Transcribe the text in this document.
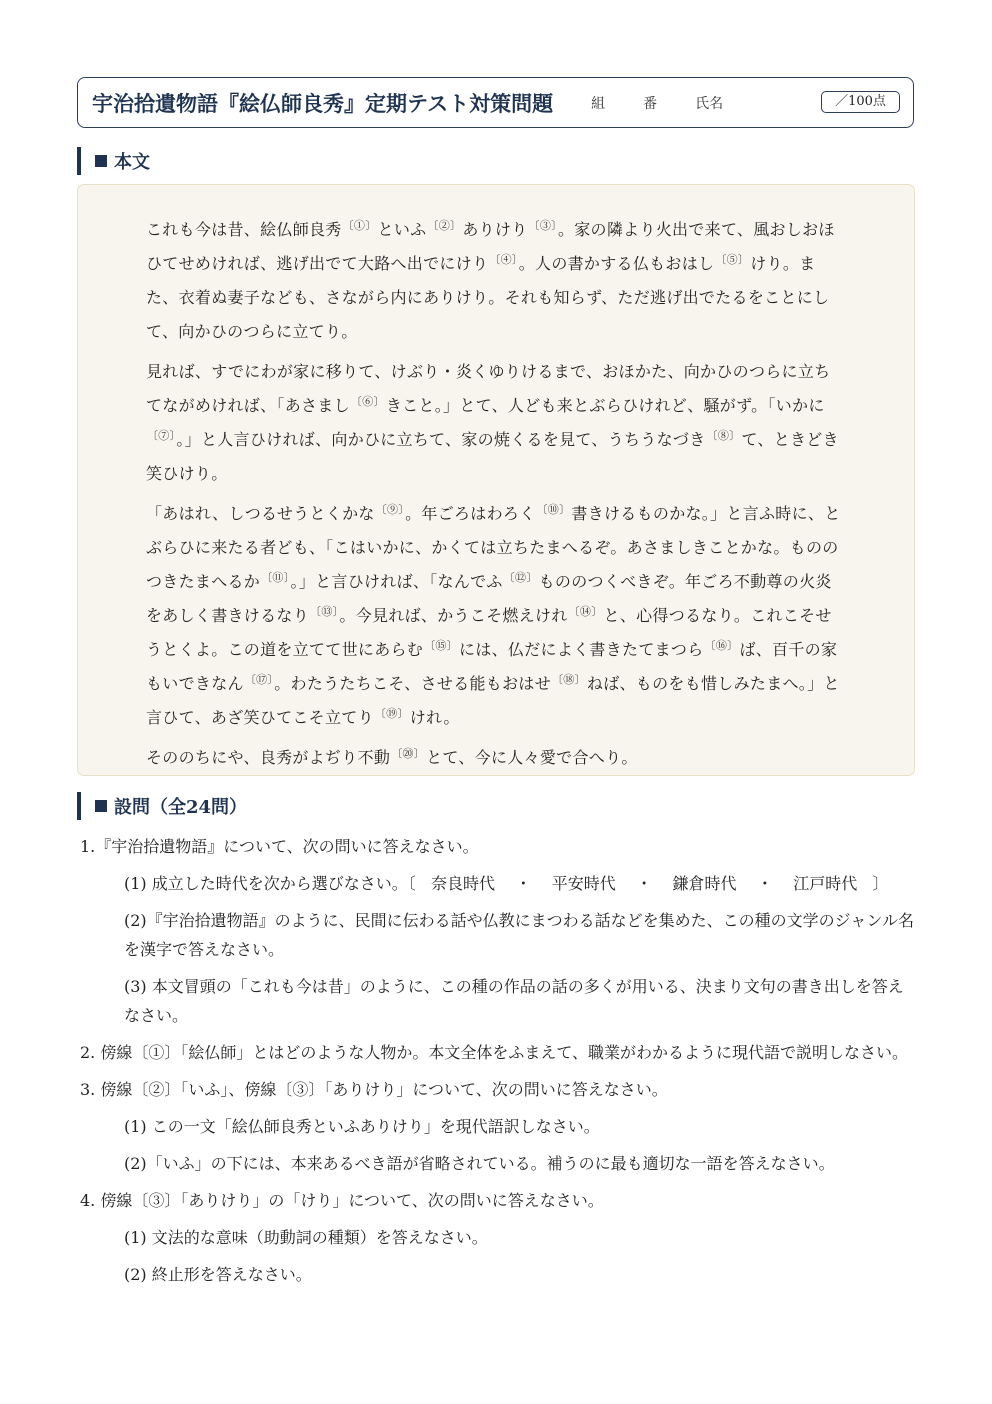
宇治拾遺物語『絵仏師良秀』定期テスト対策問題	組	番	氏名	／100点
本文

これも今は昔、絵仏師良秀〔①〕といふ〔②〕ありけり〔③〕。家の隣より火出で来て、風おしおほひてせめければ、逃げ出でて大路へ出でにけり〔④〕。人の書かする仏もおはし〔⑤〕けり。また、衣着ぬ妻子なども、さながら内にありけり。それも知らず、ただ逃げ出でたるをことにして、向かひのつらに立てり。

見れば、すでにわが家に移りて、けぶり・炎くゆりけるまで、おほかた、向かひのつらに立ちてながめければ、「あさまし〔⑥〕きこと。」とて、人ども来とぶらひけれど、騒がず。「いかに〔⑦〕。」と人言ひければ、向かひに立ちて、家の焼くるを見て、うちうなづき〔⑧〕て、ときどき笑ひけり。

「あはれ、しつるせうとくかな〔⑨〕。年ごろはわろく〔⑩〕書きけるものかな。」と言ふ時に、とぶらひに来たる者ども、「こはいかに、かくては立ちたまへるぞ。あさましきことかな。もののつきたまへるか〔⑪〕。」と言ひければ、「なんでふ〔⑫〕もののつくべきぞ。年ごろ不動尊の火炎をあしく書きけるなり〔⑬〕。今見れば、かうこそ燃えけれ〔⑭〕と、心得つるなり。これこそせうとくよ。この道を立てて世にあらむ〔⑮〕には、仏だによく書きたてまつら〔⑯〕ば、百千の家もいできなん〔⑰〕。わたうたちこそ、させる能もおはせ〔⑱〕ねば、ものをも惜しみたまへ。」と言ひて、あざ笑ひてこそ立てり〔⑲〕けれ。

そののちにや、良秀がよぢり不動〔⑳〕とて、今に人々愛で合へり。

設問（全24問）

1.『宇治拾遺物語』について、次の問いに答えなさい。

(1) 成立した時代を次から選びなさい。〔 奈良時代 ・ 平安時代 ・ 鎌倉時代 ・ 江戸時代 〕

(2)『宇治拾遺物語』のように、民間に伝わる話や仏教にまつわる話などを集めた、この種の文学のジャンル名を漢字で答えなさい。

(3) 本文冒頭の「これも今は昔」のように、この種の作品の話の多くが用いる、決まり文句の書き出しを答えなさい。

2. 傍線〔①〕「絵仏師」とはどのような人物か。本文全体をふまえて、職業がわかるように現代語で説明しなさい。

3. 傍線〔②〕「いふ」、傍線〔③〕「ありけり」について、次の問いに答えなさい。

(1) この一文「絵仏師良秀といふありけり」を現代語訳しなさい。

(2)「いふ」の下には、本来あるべき語が省略されている。補うのに最も適切な一語を答えなさい。

4. 傍線〔③〕「ありけり」の「けり」について、次の問いに答えなさい。

(1) 文法的な意味（助動詞の種類）を答えなさい。

(2) 終止形を答えなさい。
